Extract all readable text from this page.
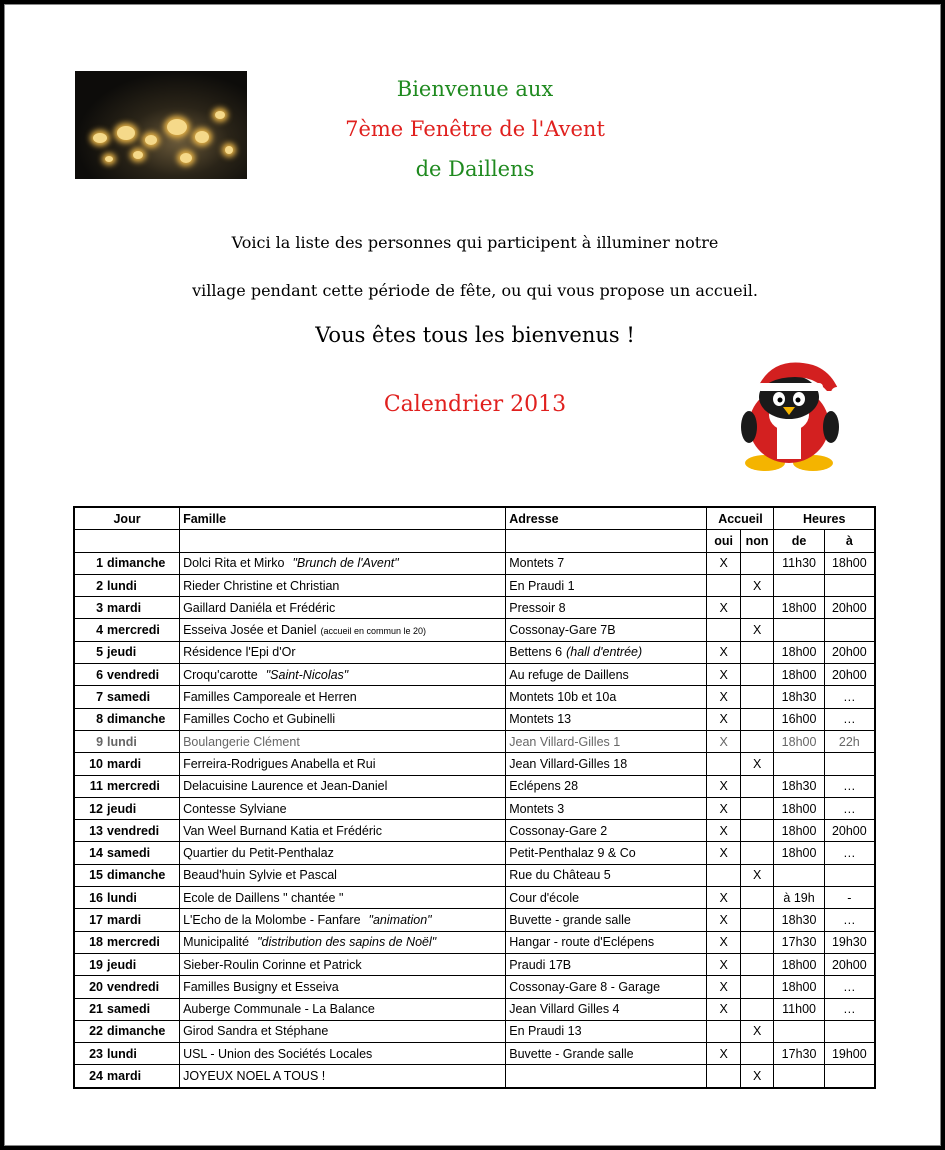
Bienvenue aux
7ème Fenêtre de l'Avent
de Daillens
Voici la liste des personnes qui participent à illuminer notre
village pendant cette période de fête, ou qui vous propose un accueil.
Vous êtes tous les bienvenus !
Calendrier 2013
Jour		Famille	Adresse	Accueil		Heures	
				oui	non	de	à
1	dimanche	Dolci Rita et Mirko "Brunch de l'Avent"	Montets 7	X		11h30	18h00
2	lundi	Rieder Christine et Christian	En Praudi 1		X		
3	mardi	Gaillard Daniéla et Frédéric	Pressoir 8	X		18h00	20h00
4	mercredi	Esseiva Josée et Daniel (accueil en commun le 20)	Cossonay-Gare 7B		X		
5	jeudi	Résidence l'Epi d'Or	Bettens 6 (hall d'entrée)	X		18h00	20h00
6	vendredi	Croqu'carotte "Saint-Nicolas"	Au refuge de Daillens	X		18h00	20h00
7	samedi	Familles Camporeale et Herren	Montets 10b et 10a	X		18h30	…
8	dimanche	Familles Cocho et Gubinelli	Montets 13	X		16h00	…
9	lundi	Boulangerie Clément	Jean Villard-Gilles 1	X		18h00	22h
10	mardi	Ferreira-Rodrigues Anabella et Rui	Jean Villard-Gilles 18		X		
11	mercredi	Delacuisine Laurence et Jean-Daniel	Eclépens 28	X		18h30	…
12	jeudi	Contesse Sylviane	Montets 3	X		18h00	…
13	vendredi	Van Weel Burnand Katia et Frédéric	Cossonay-Gare 2	X		18h00	20h00
14	samedi	Quartier du Petit-Penthalaz	Petit-Penthalaz 9 & Co	X		18h00	…
15	dimanche	Beaud'huin Sylvie et Pascal	Rue du Château 5		X		
16	lundi	Ecole de Daillens " chantée "	Cour d'école	X		à 19h	-
17	mardi	L'Echo de la Molombe - Fanfare "animation"	Buvette - grande salle	X		18h30	…
18	mercredi	Municipalité "distribution des sapins de Noël"	Hangar - route d'Eclépens	X		17h30	19h30
19	jeudi	Sieber-Roulin Corinne et Patrick	Praudi 17B	X		18h00	20h00
20	vendredi	Familles Busigny et Esseiva	Cossonay-Gare 8 - Garage	X		18h00	…
21	samedi	Auberge Communale - La Balance	Jean Villard Gilles 4	X		11h00	…
22	dimanche	Girod Sandra et Stéphane	En Praudi 13		X		
23	lundi	USL - Union des Sociétés Locales	Buvette - Grande salle	X		17h30	19h00
24	mardi	JOYEUX NOEL A TOUS !			X		
